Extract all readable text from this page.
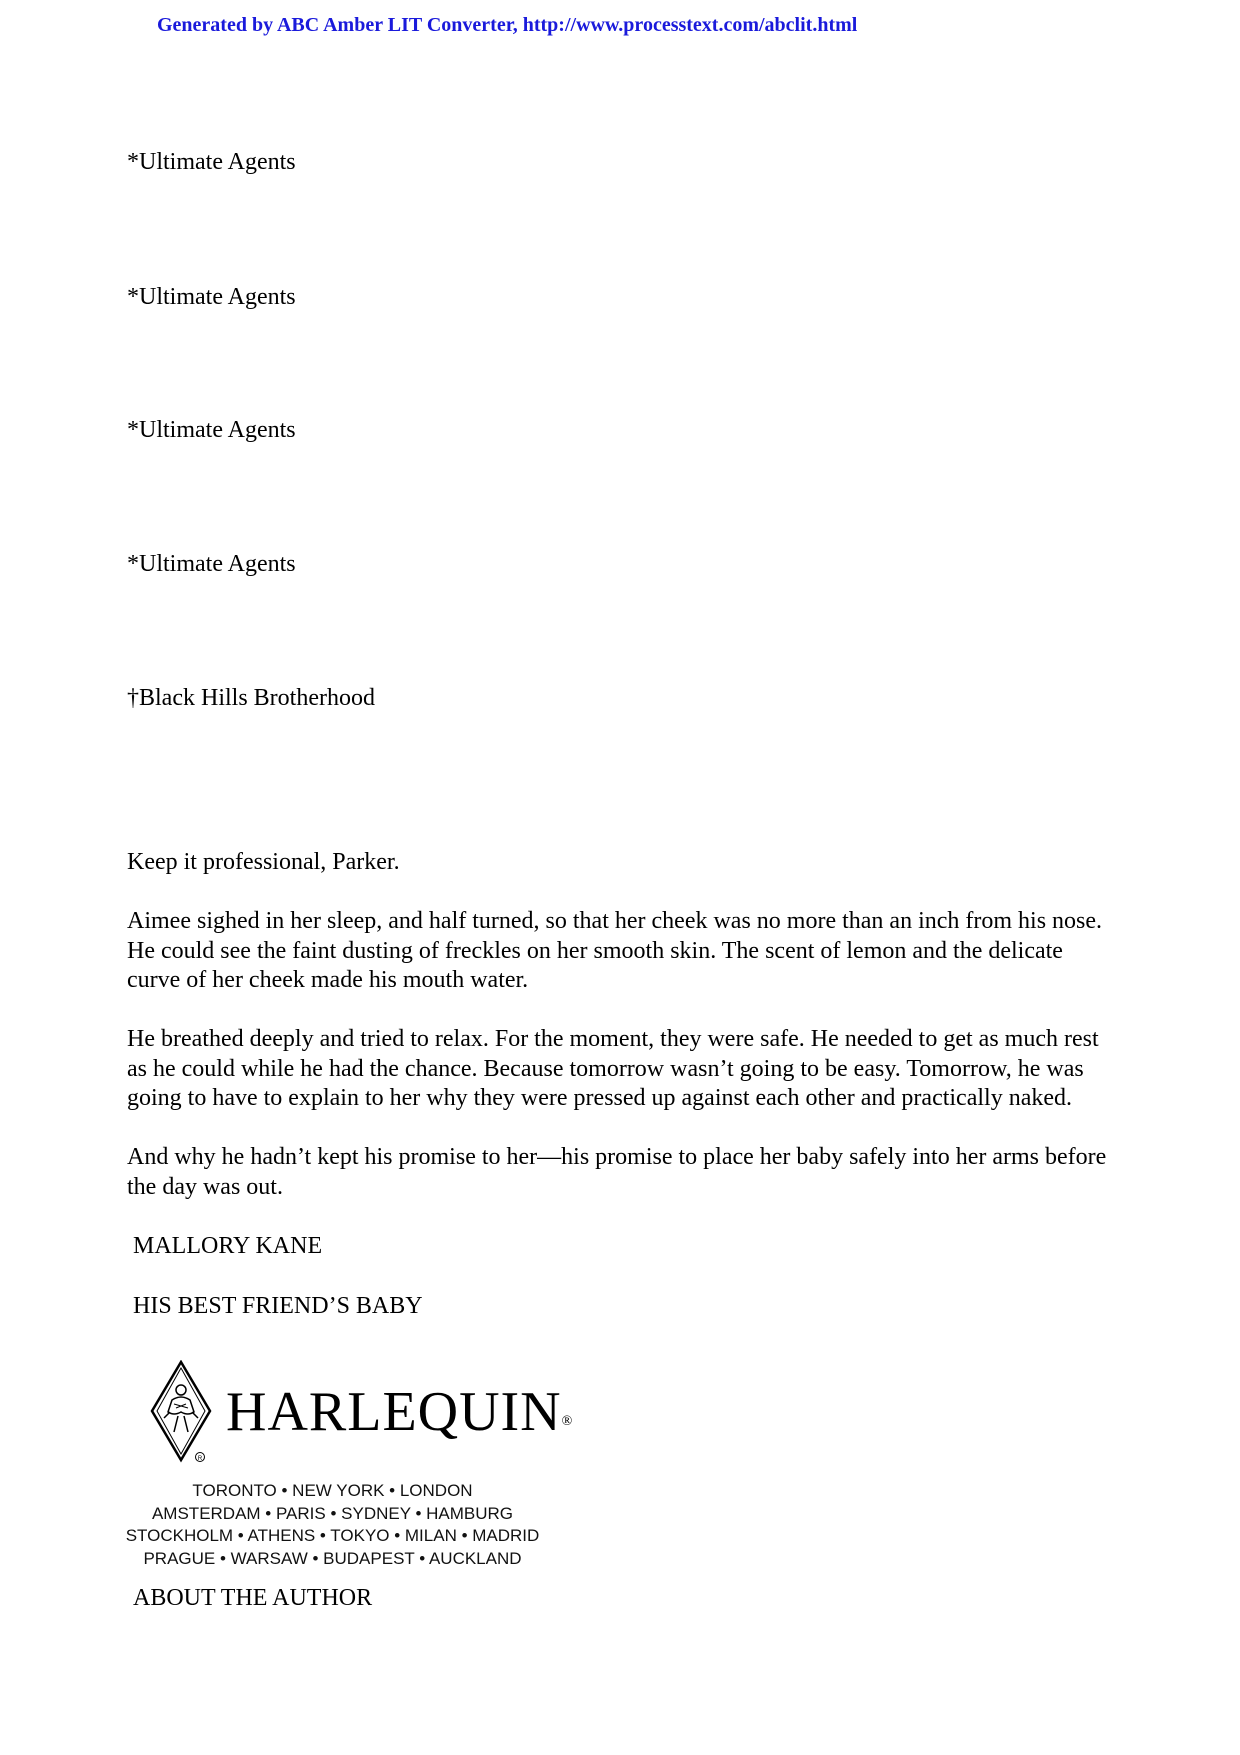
Generated by ABC Amber LIT Converter, http://www.processtext.com/abclit.html
*Ultimate Agents
*Ultimate Agents
*Ultimate Agents
*Ultimate Agents
†Black Hills Brotherhood
Keep it professional, Parker.
Aimee sighed in her sleep, and half turned, so that her cheek was no more than an inch from his nose. He could see the faint dusting of freckles on her smooth skin. The scent of lemon and the delicate curve of her cheek made his mouth water.
He breathed deeply and tried to relax. For the moment, they were safe. He needed to get as much rest as he could while he had the chance. Because tomorrow wasn’t going to be easy. Tomorrow, he was going to have to explain to her why they were pressed up against each other and practically naked.
And why he hadn’t kept his promise to her—his promise to place her baby safely into her arms before the day was out.
MALLORY KANE
HIS BEST FRIEND’S BABY
R
HARLEQUIN®
TORONTO • NEW YORK • LONDON
AMSTERDAM • PARIS • SYDNEY • HAMBURG
STOCKHOLM • ATHENS • TOKYO • MILAN • MADRID
PRAGUE • WARSAW • BUDAPEST • AUCKLAND
ABOUT THE AUTHOR
